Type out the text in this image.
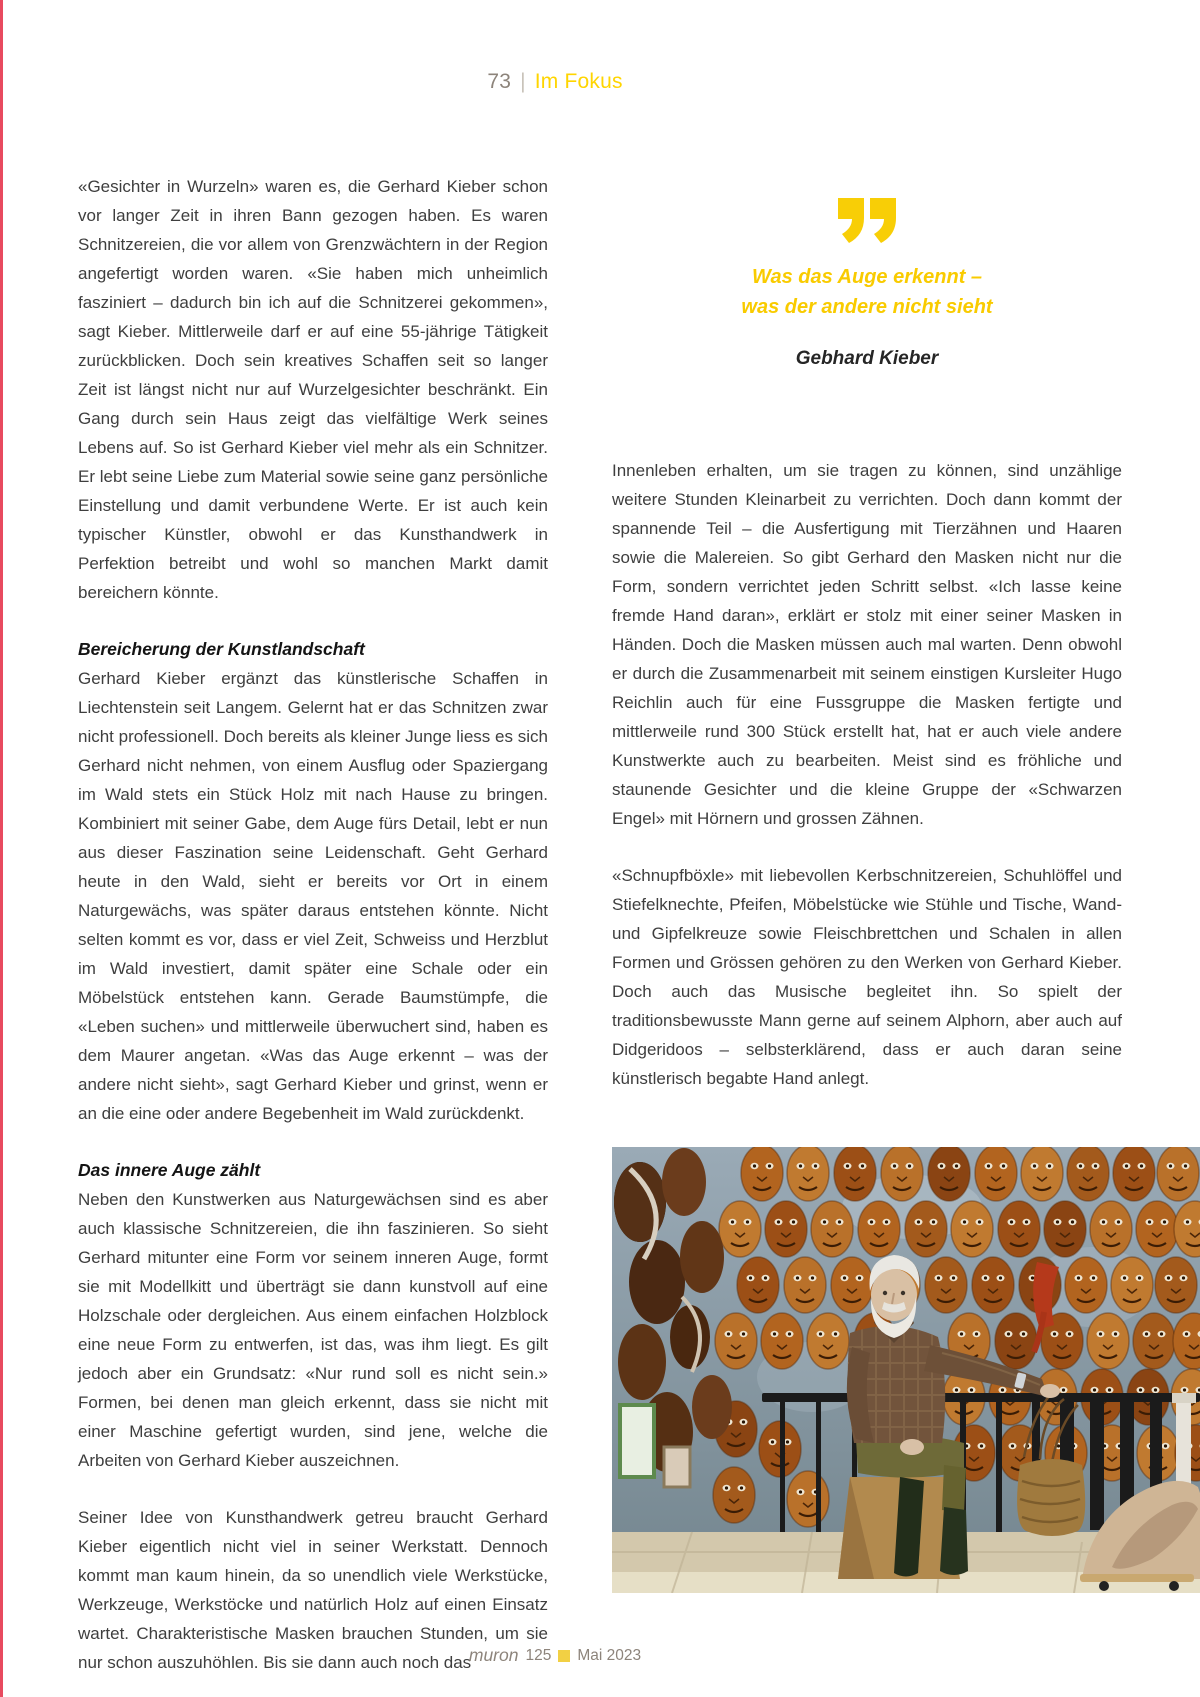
73 | Im Fokus

«Gesichter in Wurzeln» waren es, die Gerhard Kieber schon vor langer Zeit in ihren Bann gezogen haben. Es waren Schnitzereien, die vor allem von Grenzwächtern in der Region angefertigt worden waren. «Sie haben mich unheimlich fasziniert – dadurch bin ich auf die Schnitzerei gekommen», sagt Kieber. Mittlerweile darf er auf eine 55-jährige Tätigkeit zurückblicken. Doch sein kreatives Schaffen seit so langer Zeit ist längst nicht nur auf Wurzelgesichter beschränkt. Ein Gang durch sein Haus zeigt das vielfältige Werk seines Lebens auf. So ist Gerhard Kieber viel mehr als ein Schnitzer. Er lebt seine Liebe zum Material sowie seine ganz persönliche Einstellung und damit verbundene Werte. Er ist auch kein typischer Künstler, obwohl er das Kunsthandwerk in Perfektion betreibt und wohl so manchen Markt damit bereichern könnte.

Bereicherung der Kunstlandschaft

Gerhard Kieber ergänzt das künstlerische Schaffen in Liechtenstein seit Langem. Gelernt hat er das Schnitzen zwar nicht professionell. Doch bereits als kleiner Junge liess es sich Gerhard nicht nehmen, von einem Ausflug oder Spaziergang im Wald stets ein Stück Holz mit nach Hause zu bringen. Kombiniert mit seiner Gabe, dem Auge fürs Detail, lebt er nun aus dieser Faszination seine Leidenschaft. Geht Gerhard heute in den Wald, sieht er bereits vor Ort in einem Naturgewächs, was später daraus entstehen könnte. Nicht selten kommt es vor, dass er viel Zeit, Schweiss und Herzblut im Wald investiert, damit später eine Schale oder ein Möbelstück entstehen kann. Gerade Baumstümpfe, die «Leben suchen» und mittlerweile überwuchert sind, haben es dem Maurer angetan. «Was das Auge erkennt – was der andere nicht sieht», sagt Gerhard Kieber und grinst, wenn er an die eine oder andere Begebenheit im Wald zurückdenkt.

Das innere Auge zählt

Neben den Kunstwerken aus Naturgewächsen sind es aber auch klassische Schnitzereien, die ihn faszinieren. So sieht Gerhard mitunter eine Form vor seinem inneren Auge, formt sie mit Modellkitt und überträgt sie dann kunstvoll auf eine Holzschale oder dergleichen. Aus einem einfachen Holzblock eine neue Form zu entwerfen, ist das, was ihm liegt. Es gilt jedoch aber ein Grundsatz: «Nur rund soll es nicht sein.» Formen, bei denen man gleich erkennt, dass sie nicht mit einer Maschine gefertigt wurden, sind jene, welche die Arbeiten von Gerhard Kieber auszeichnen.

Seiner Idee von Kunsthandwerk getreu braucht Gerhard Kieber eigentlich nicht viel in seiner Werkstatt. Dennoch kommt man kaum hinein, da so unendlich viele Werkstücke, Werkzeuge, Werkstöcke und natürlich Holz auf einen Einsatz wartet. Charakteristische Masken brauchen Stunden, um sie nur schon auszuhöhlen. Bis sie dann auch noch das

Was das Auge erkennt –
was der andere nicht sieht
Gebhard Kieber

Innenleben erhalten, um sie tragen zu können, sind unzählige weitere Stunden Kleinarbeit zu verrichten. Doch dann kommt der spannende Teil – die Ausfertigung mit Tierzähnen und Haaren sowie die Malereien. So gibt Gerhard den Masken nicht nur die Form, sondern verrichtet jeden Schritt selbst. «Ich lasse keine fremde Hand daran», erklärt er stolz mit einer seiner Masken in Händen. Doch die Masken müssen auch mal warten. Denn obwohl er durch die Zusammenarbeit mit seinem einstigen Kursleiter Hugo Reichlin auch für eine Fussgruppe die Masken fertigte und mittlerweile rund 300 Stück erstellt hat, hat er auch viele andere Kunstwerkte auch zu bearbeiten. Meist sind es fröhliche und staunende Gesichter und die kleine Gruppe der «Schwarzen Engel» mit Hörnern und grossen Zähnen.

«Schnupfböxle» mit liebevollen Kerbschnitzereien, Schuhlöffel und Stiefelknechte, Pfeifen, Möbelstücke wie Stühle und Tische, Wand- und Gipfelkreuze sowie Fleischbrettchen und Schalen in allen Formen und Grössen gehören zu den Werken von Gerhard Kieber. Doch auch das Musische begleitet ihn. So spielt der traditionsbewusste Mann gerne auf seinem Alphorn, aber auch auf Didgeridoos – selbsterklärend, dass er auch daran seine künstlerisch begabte Hand anlegt.

muron 125 Mai 2023
